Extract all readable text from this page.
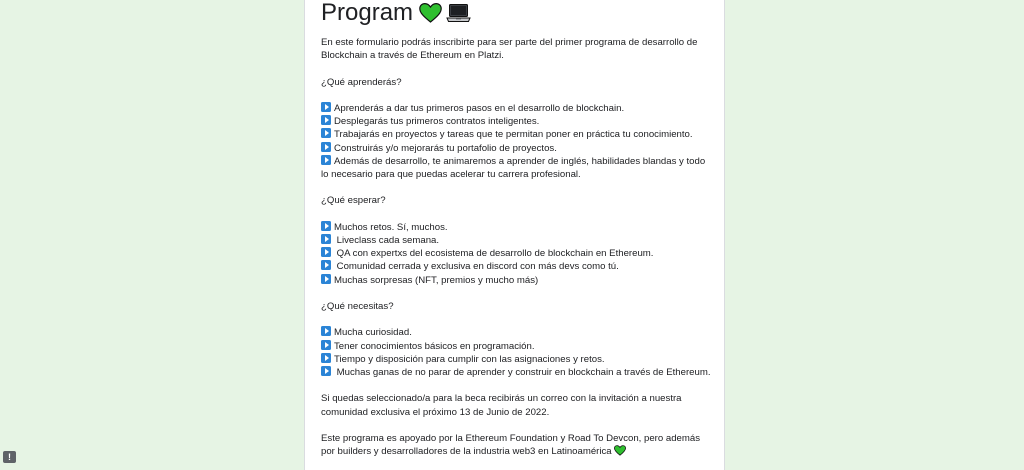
Program

En este formulario podrás inscribirte para ser parte del primer programa de desarrollo de Blockchain a través de Ethereum en Platzi.

¿Qué aprenderás?

Aprenderás a dar tus primeros pasos en el desarrollo de blockchain.
Desplegarás tus primeros contratos inteligentes.
Trabajarás en proyectos y tareas que te permitan poner en práctica tu conocimiento.
Construirás y/o mejorarás tu portafolio de proyectos.
Además de desarrollo, te animaremos a aprender de inglés, habilidades blandas y todo lo necesario para que puedas acelerar tu carrera profesional.

¿Qué esperar?

Muchos retos. Sí, muchos.
Liveclass cada semana.
QA con expertxs del ecosistema de desarrollo de blockchain en Ethereum.
Comunidad cerrada y exclusiva en discord con más devs como tú.
Muchas sorpresas (NFT, premios y mucho más)

¿Qué necesitas?

Mucha curiosidad.
Tener conocimientos básicos en programación.
Tiempo y disposición para cumplir con las asignaciones y retos.
Muchas ganas de no parar de aprender y construir en blockchain a través de Ethereum.

Si quedas seleccionado/a para la beca recibirás un correo con la invitación a nuestra comunidad exclusiva el próximo 13 de Junio de 2022.

Este programa es apoyado por la Ethereum Foundation y Road To Devcon, pero además por builders y desarrolladores de la industria web3 en Latinoamérica

!
